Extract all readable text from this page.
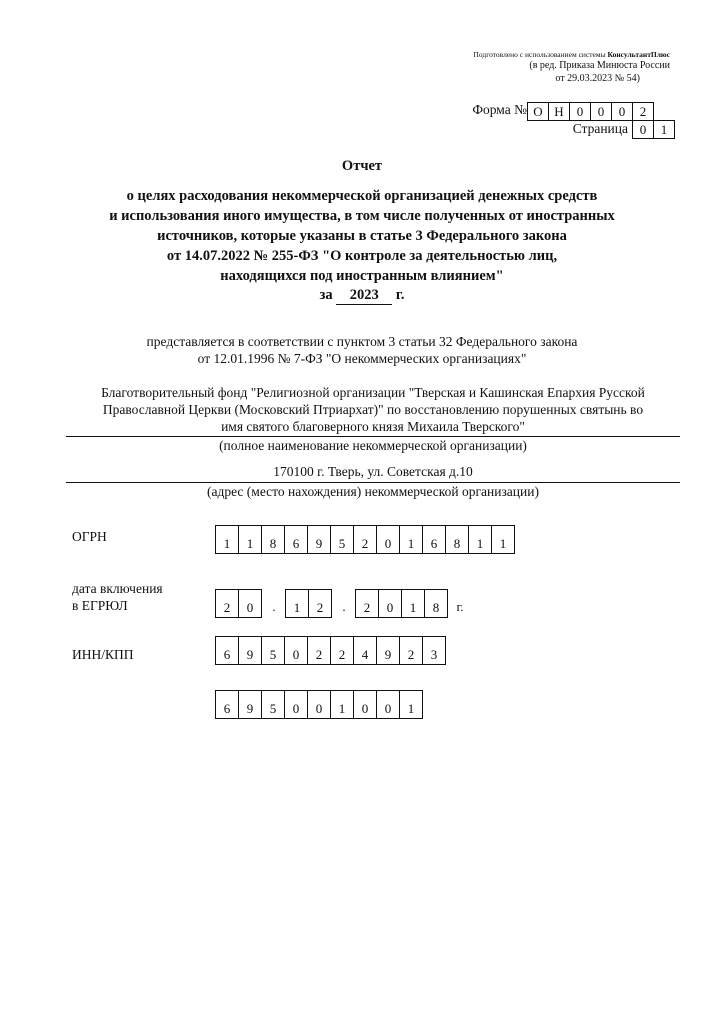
Подготовлено с использованием системы КонсультантПлюс
(в ред. Приказа Минюста России
от 29.03.2023 № 54)
Форма № О Н	0	0	0	2
Страница 0	1
Отчет
о целях расходования некоммерческой организацией денежных средств
и использования иного имущества, в том числе полученных от иностранных
источников, которые указаны в статье 3 Федерального закона
от 14.07.2022 № 255-ФЗ "О контроле за деятельностью лиц,
находящихся под иностранным влиянием"
за 2023 г.
представляется в соответствии с пунктом 3 статьи 32 Федерального закона
от 12.01.1996 № 7-ФЗ "О некоммерческих организациях"
Благотворительный фонд "Религиозной организации "Тверская и Кашинская Епархия Русской
Православной Церкви (Московский Птриархат)" по восстановлению порушенных святынь во
имя святого благоверного князя Михаила Тверского"
(полное наименование некоммерческой организации)
170100 г. Тверь, ул. Советская д.10
(адрес (место нахождения) некоммерческой организации)
ОГРН	1	1	8	6	9	5	2	0	1	6	8	1	1
дата включения
в ЕГРЮЛ	2	0	.	1	2	.	2	0	1	8	г.
ИНН/КПП	6	9	5	0	2	2	4	9	2	3
6	9	5	0	0	1	0	0	1
